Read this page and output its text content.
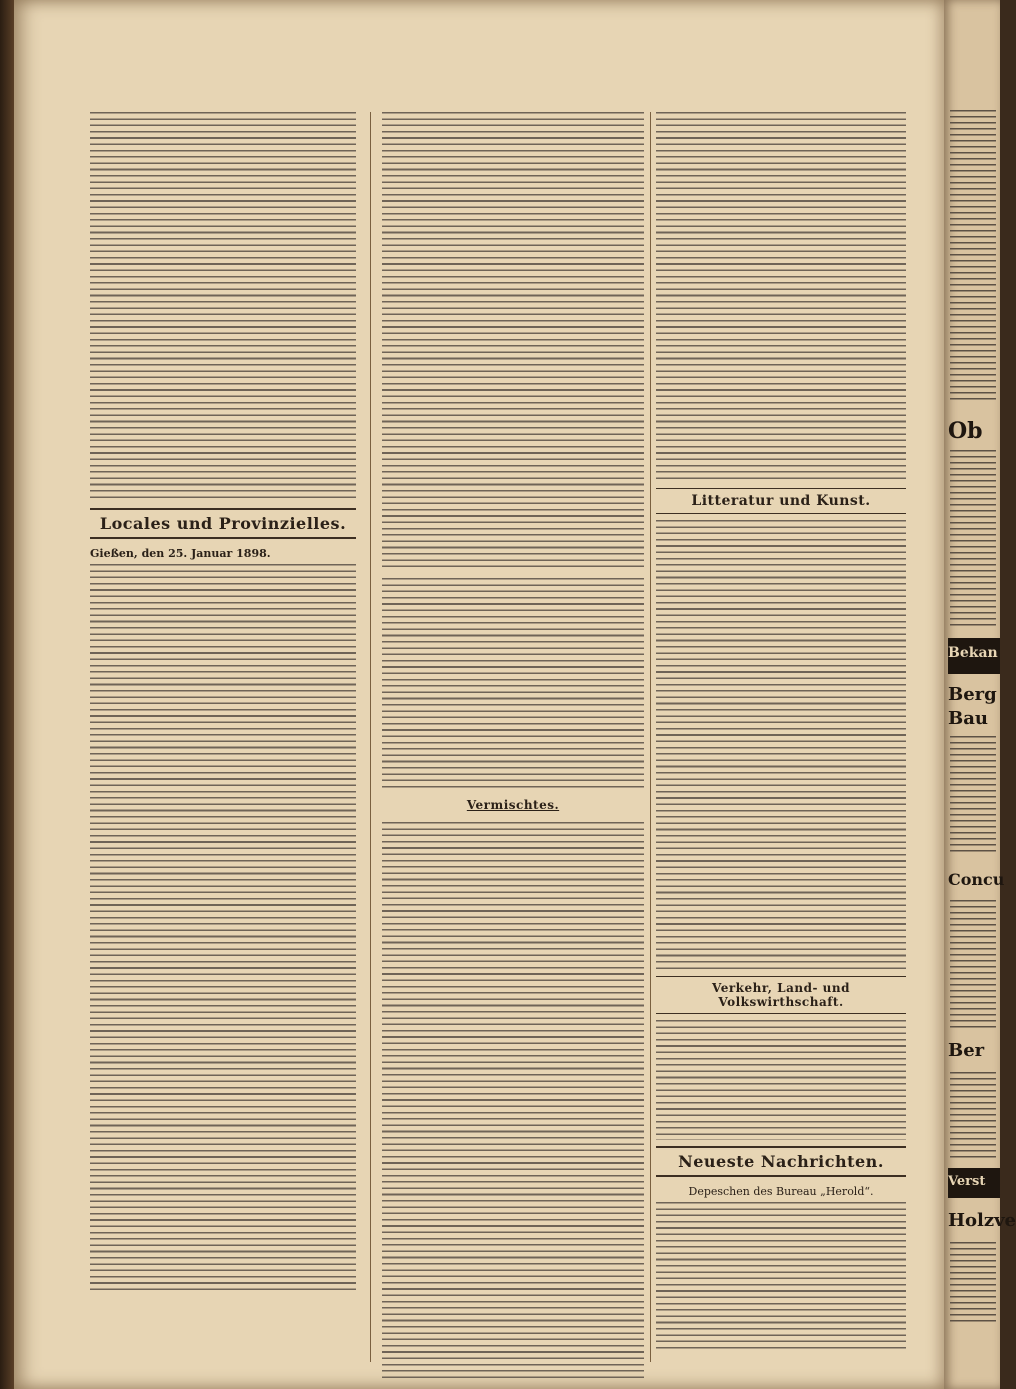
Locales und Provinzielles.
Gießen, den 25. Januar 1898.
Vermischtes.
Litteratur und Kunst.
Verkehr, Land- und Volkswirthschaft.
Neueste Nachrichten.
Depeschen des Bureau „Herold“.
Ob
Bekan
Berg
Bau
Concu
Ber
Verst
Holzve
